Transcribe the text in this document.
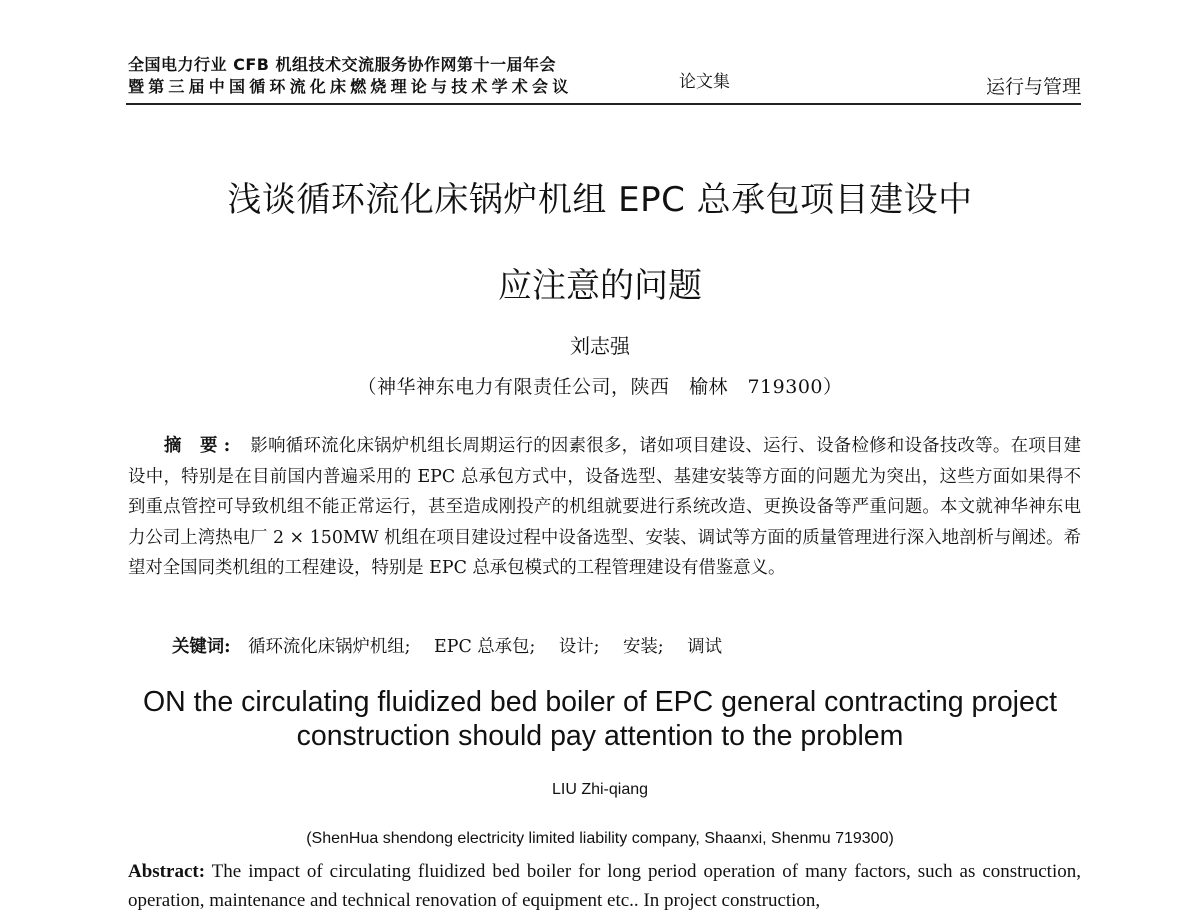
全国电力行业 CFB 机组技术交流服务协作网第十一届年会
暨第三届中国循环流化床燃烧理论与技术学术会议	论文集	运行与管理
浅谈循环流化床锅炉机组 EPC 总承包项目建设中
应注意的问题
刘志强
（神华神东电力有限责任公司，陕西　榆林　719300）
摘 要: 影响循环流化床锅炉机组长周期运行的因素很多，诸如项目建设、运行、设备检修和设备技改等。在项目建设中，特别是在目前国内普遍采用的 EPC 总承包方式中，设备选型、基建安装等方面的问题尤为突出，这些方面如果得不到重点管控可导致机组不能正常运行，甚至造成刚投产的机组就要进行系统改造、更换设备等严重问题。本文就神华神东电力公司上湾热电厂 2 × 150MW 机组在项目建设过程中设备选型、安装、调试等方面的质量管理进行深入地剖析与阐述。希望对全国同类机组的工程建设，特别是 EPC 总承包模式的工程管理建设有借鉴意义。
关键词: 循环流化床锅炉机组; EPC 总承包; 设计; 安装; 调试
ON the circulating fluidized bed boiler of EPC general contracting project
construction should pay attention to the problem
LIU Zhi-qiang
(ShenHua shendong electricity limited liability company, Shaanxi, Shenmu 719300)
Abstract: The impact of circulating fluidized bed boiler for long period operation of many factors, such as construction, operation, maintenance and technical renovation of equipment etc.. In project construction,
